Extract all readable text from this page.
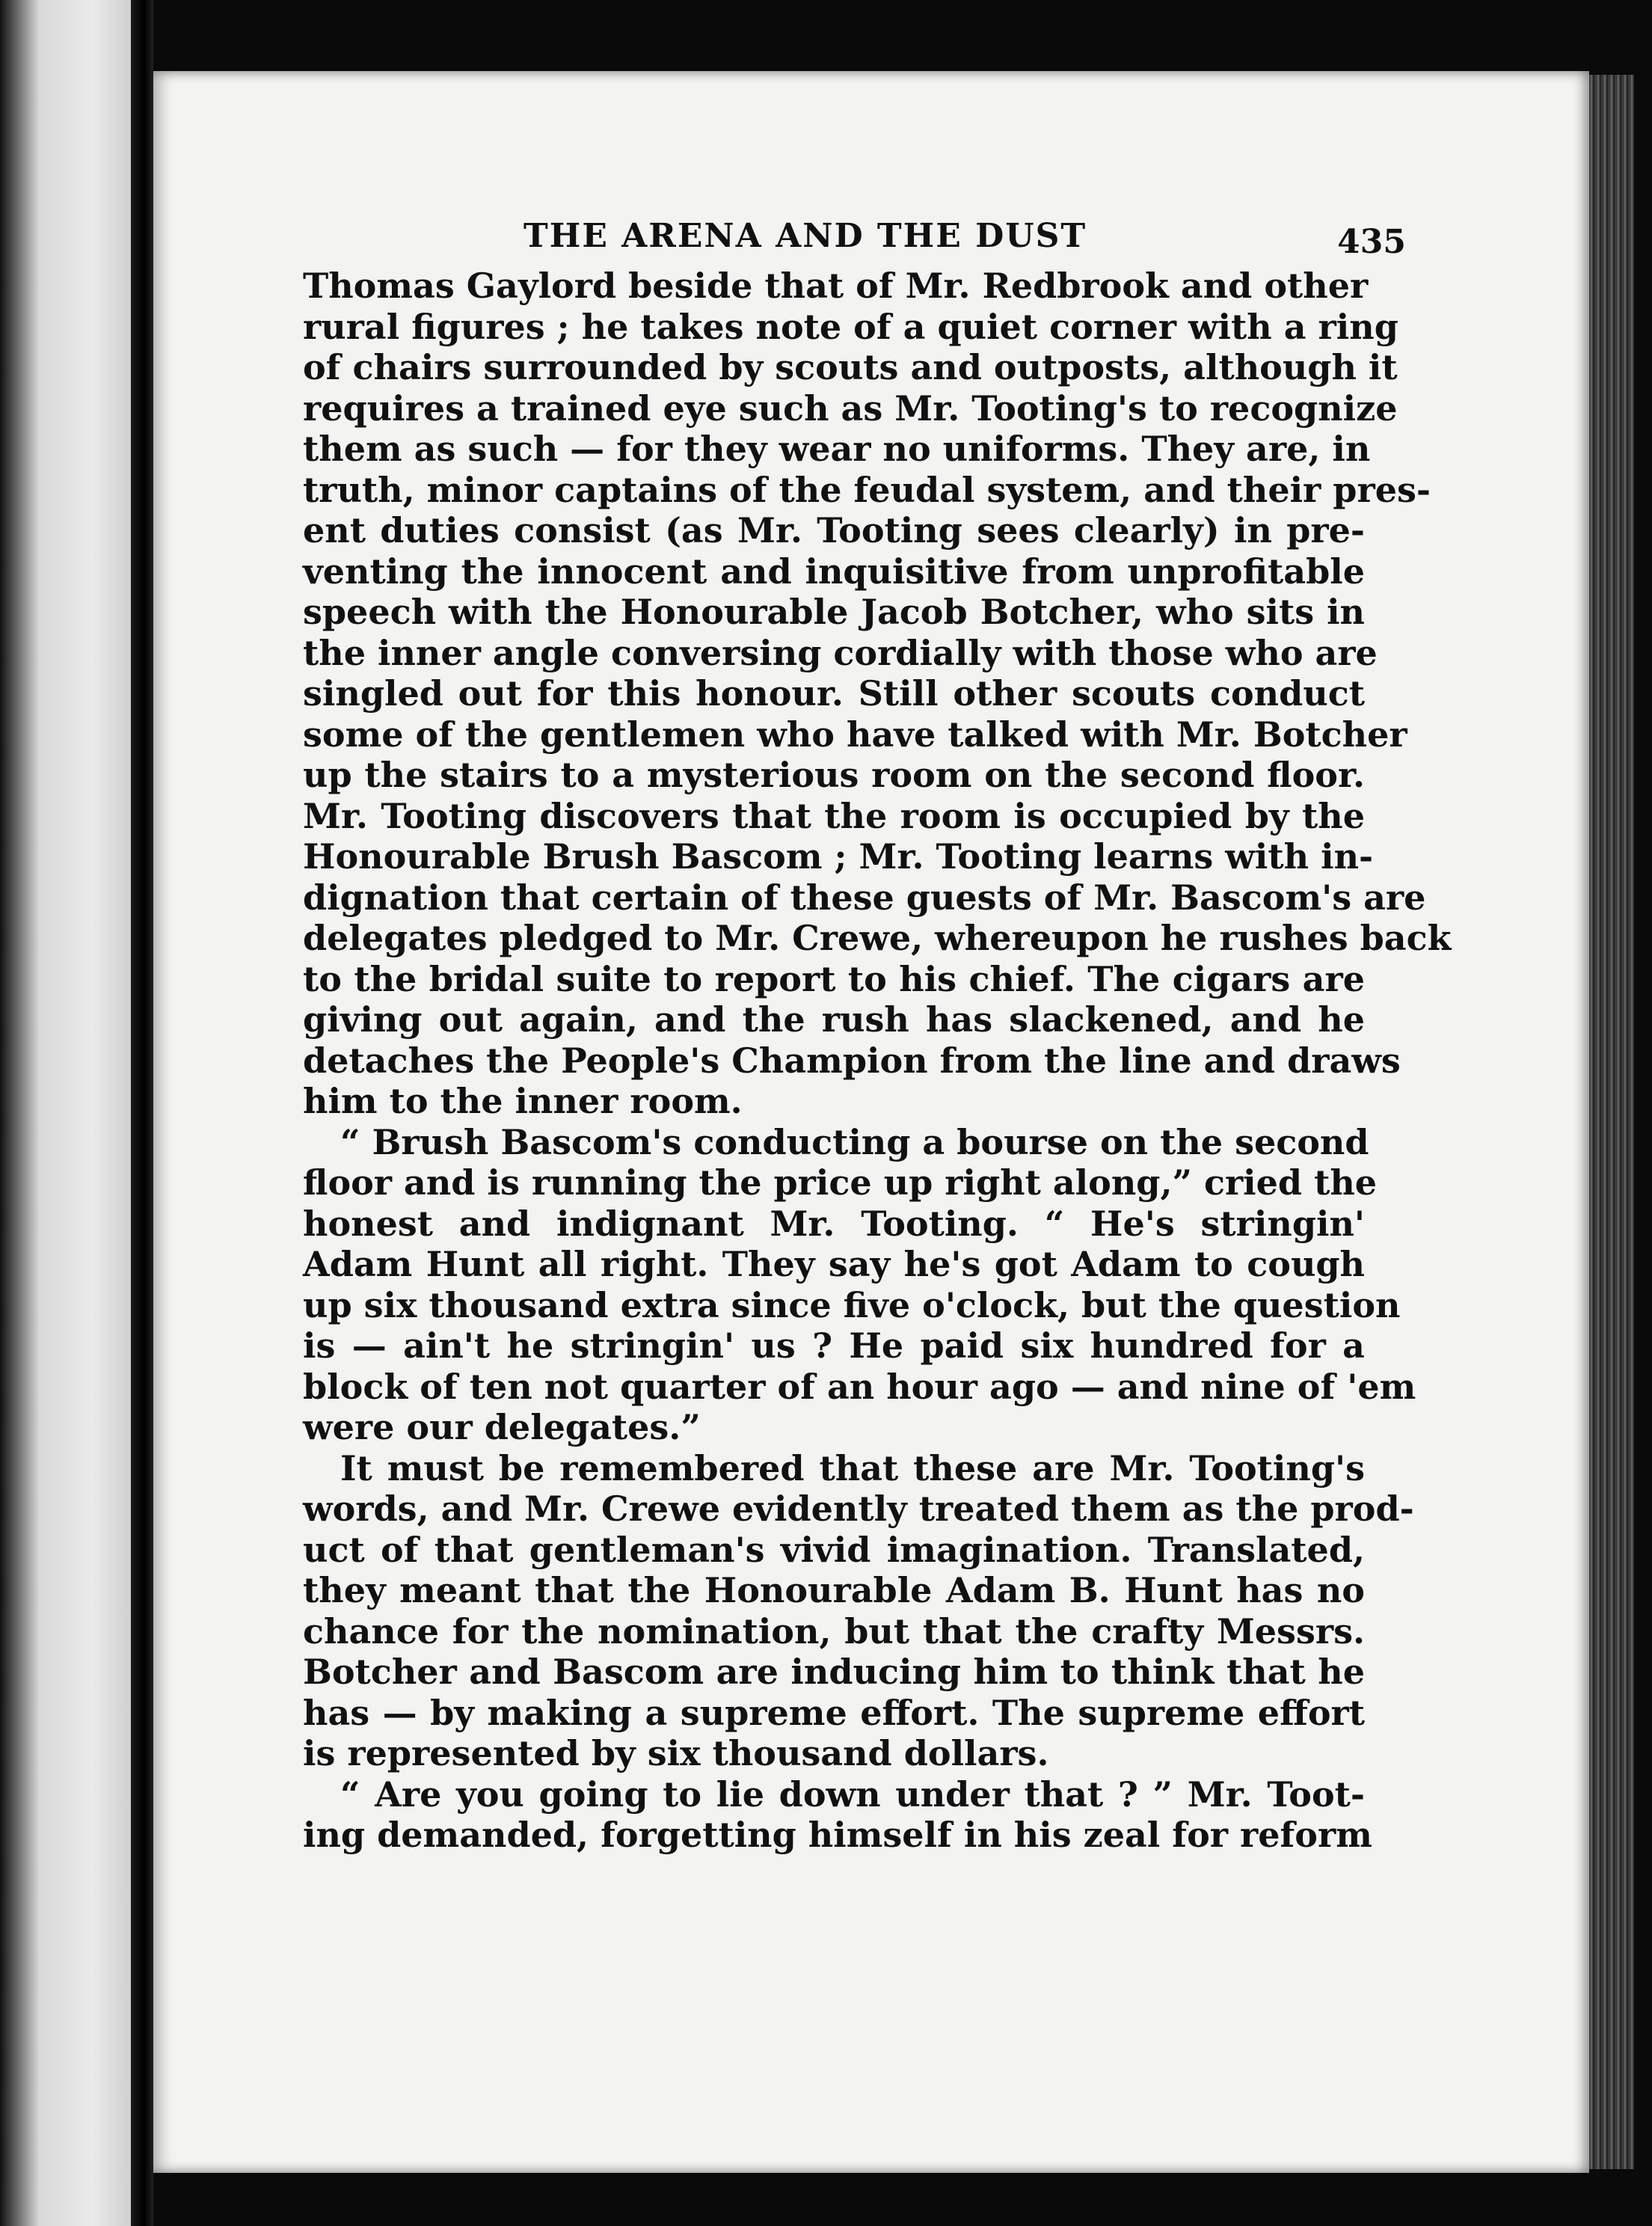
THE ARENA AND THE DUST	435
Thomas Gaylord beside that of Mr. Redbrook and other
rural figures ; he takes note of a quiet corner with a ring
of chairs surrounded by scouts and outposts, although it
requires a trained eye such as Mr. Tooting's to recognize
them as such — for they wear no uniforms. They are, in
truth, minor captains of the feudal system, and their pres-
ent duties consist (as Mr. Tooting sees clearly) in pre-
venting the innocent and inquisitive from unprofitable
speech with the Honourable Jacob Botcher, who sits in
the inner angle conversing cordially with those who are
singled out for this honour. Still other scouts conduct
some of the gentlemen who have talked with Mr. Botcher
up the stairs to a mysterious room on the second floor.
Mr. Tooting discovers that the room is occupied by the
Honourable Brush Bascom ; Mr. Tooting learns with in-
dignation that certain of these guests of Mr. Bascom's are
delegates pledged to Mr. Crewe, whereupon he rushes back
to the bridal suite to report to his chief. The cigars are
giving out again, and the rush has slackened, and he
detaches the People's Champion from the line and draws
him to the inner room.
“ Brush Bascom's conducting a bourse on the second
floor and is running the price up right along,” cried the
honest and indignant Mr. Tooting. “ He's stringin'
Adam Hunt all right. They say he's got Adam to cough
up six thousand extra since five o'clock, but the question
is — ain't he stringin' us ? He paid six hundred for a
block of ten not quarter of an hour ago — and nine of 'em
were our delegates.”
It must be remembered that these are Mr. Tooting's
words, and Mr. Crewe evidently treated them as the prod-
uct of that gentleman's vivid imagination. Translated,
they meant that the Honourable Adam B. Hunt has no
chance for the nomination, but that the crafty Messrs.
Botcher and Bascom are inducing him to think that he
has — by making a supreme effort. The supreme effort
is represented by six thousand dollars.
“ Are you going to lie down under that ? ” Mr. Toot-
ing demanded, forgetting himself in his zeal for reform
